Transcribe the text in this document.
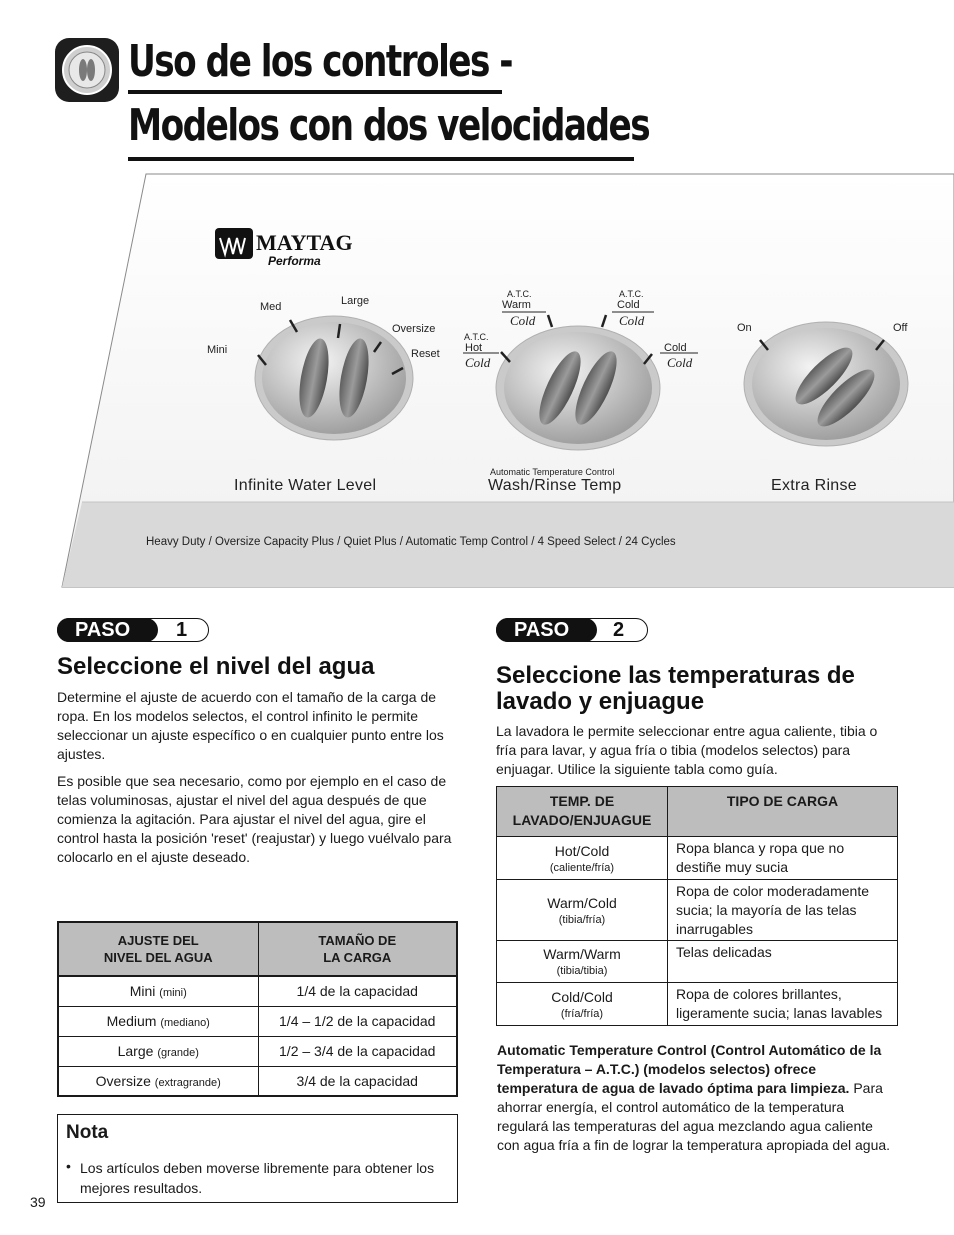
Uso de los controles -
Modelos con dos velocidades
MAYTAG
Performa
Mini
Med	Large
Oversize
Reset
Infinite Water Level
A.T.C.
Hot
Cold
A.T.C.
Warm
Cold
A.T.C.
Cold
Cold
Cold
Cold
Automatic Temperature Control
Wash/Rinse Temp
On	Off
Extra Rinse
Heavy Duty / Oversize Capacity Plus / Quiet Plus / Automatic Temp Control / 4 Speed Select / 24 Cycles
PASO	1
Seleccione el nivel del agua
Determine el ajuste de acuerdo con el tamaño de la carga de ropa. En los modelos selectos, el control infinito le permite seleccionar un ajuste específico o en cualquier punto entre los ajustes.
Es posible que sea necesario, como por ejemplo en el caso de telas voluminosas, ajustar el nivel del agua después de que comienza la agitación. Para ajustar el nivel del agua, gire el control hasta la posición 'reset' (reajustar) y luego vuélvalo para colocarlo en el ajuste deseado.
AJUSTE DEL
NIVEL DEL AGUA	TAMAÑO DE
LA CARGA
Mini (mini)	1/4 de la capacidad
Medium (mediano)	1/4 – 1/2 de la capacidad
Large (grande)	1/2 – 3/4 de la capacidad
Oversize (extragrande)	3/4 de la capacidad
Nota
• Los artículos deben moverse libremente para obtener los mejores resultados.
39
PASO	2
Seleccione las temperaturas de lavado y enjuague
La lavadora le permite seleccionar entre agua caliente, tibia o fría para lavar, y agua fría o tibia (modelos selectos) para enjuagar. Utilice la siguiente tabla como guía.
TEMP. DE
LAVADO/ENJUAGUE	TIPO DE CARGA
Hot/Cold
(caliente/fría)	Ropa blanca y ropa que no destiñe muy sucia
Warm/Cold
(tibia/fría)	Ropa de color moderadamente sucia; la mayoría de las telas inarrugables
Warm/Warm
(tibia/tibia)	Telas delicadas
Cold/Cold
(fría/fría)	Ropa de colores brillantes, ligeramente sucia; lanas lavables
Automatic Temperature Control (Control Automático de la Temperatura – A.T.C.) (modelos selectos) ofrece temperatura de agua de lavado óptima para limpieza. Para ahorrar energía, el control automático de la temperatura regulará las temperaturas del agua mezclando agua caliente con agua fría a fin de lograr la temperatura apropiada del agua.
